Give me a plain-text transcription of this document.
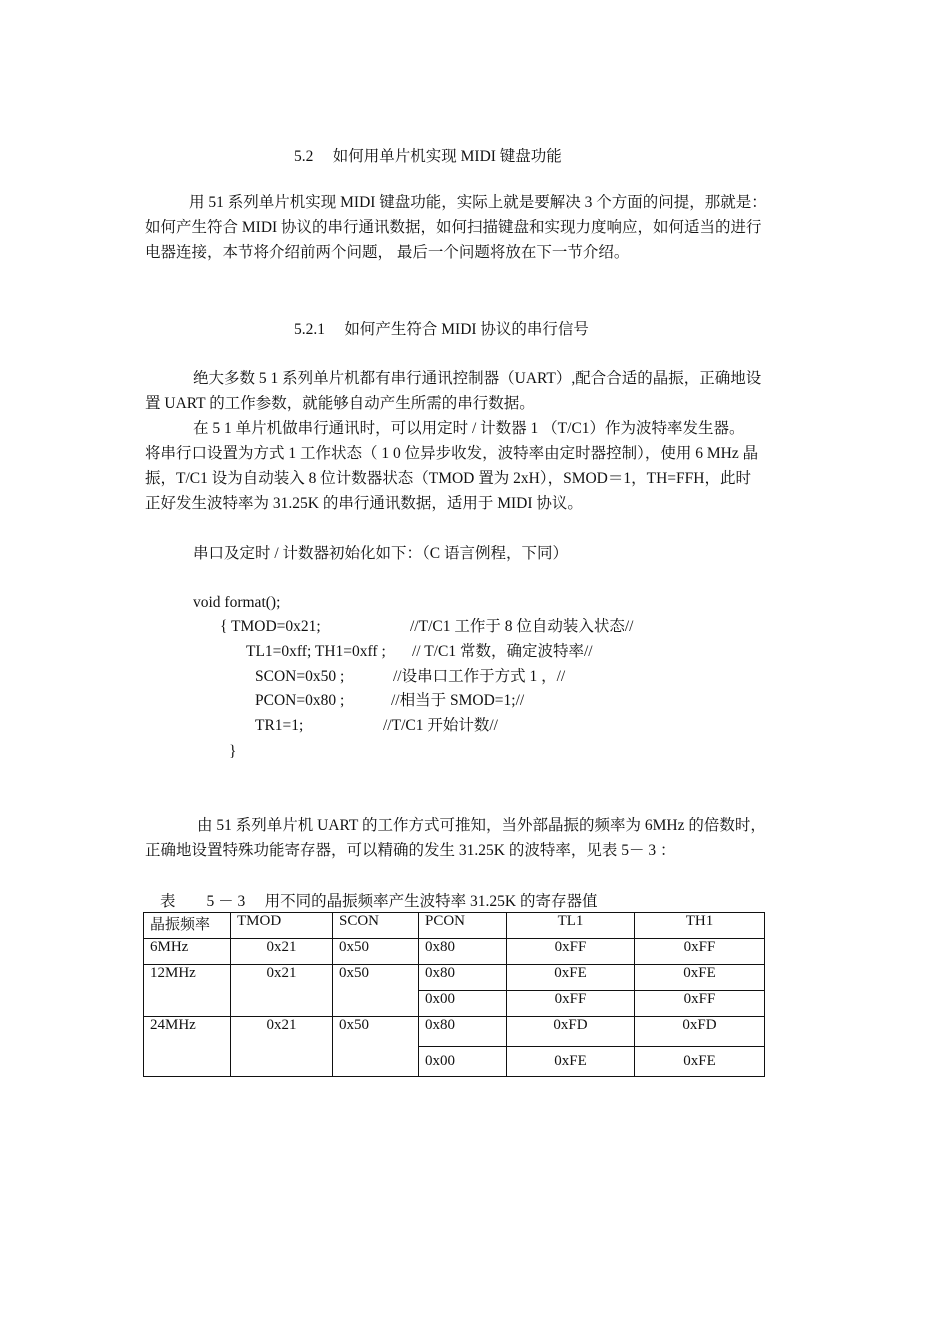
5.2 如何用单片机实现 MIDI 键盘功能

用 51 系列单片机实现 MIDI 键盘功能，实际上就是要解决 3 个方面的问提，那就是：

如何产生符合 MIDI 协议的串行通讯数据，如何扫描键盘和实现力度响应，如何适当的进行

电器连接，本节将介绍前两个问题， 最后一个问题将放在下一节介绍。

5.2.1 如何产生符合 MIDI 协议的串行信号

绝大多数 5 1 系列单片机都有串行通讯控制器（UART）,配合合适的晶振，正确地设

置 UART 的工作参数，就能够自动产生所需的串行数据。

在 5 1 单片机做串行通讯时，可以用定时 / 计数器 1 （T/C1）作为波特率发生器。

将串行口设置为方式 1 工作状态（ 1 0 位异步收发，波特率由定时器控制），使用 6 MHz 晶

振，T/C1 设为自动装入 8 位计数器状态（TMOD 置为 2xH），SMOD＝1，TH=FFH，此时

正好发生波特率为 31.25K 的串行通讯数据，适用于 MIDI 协议。

串口及定时 / 计数器初始化如下：（C 语言例程，下同）
void format();
{ TMOD=0x21;	//T/C1 工作于 8 位自动装入状态//
TL1=0xff; TH1=0xff ; // T/C1 常数，确定波特率//
SCON=0x50 ;	//设串口工作于方式 1 ，//
PCON=0x80 ;	//相当于 SMOD=1;//
TR1=1;	//T/C1 开始计数//
}

由 51 系列单片机 UART 的工作方式可推知，当外部晶振的频率为 6MHz 的倍数时，

正确地设置特殊功能寄存器，可以精确的发生 31.25K 的波特率，见表 5－ 3 ：

表        5 － 3     用不同的晶振频率产生波特率 31.25K 的寄存器值
晶振频率	TMOD	SCON	PCON	TL1	TH1
6MHz	0x21	0x50	0x80	0xFF	0xFF
12MHz	0x21	0x50	0x80	0xFE	0xFE
			0x00	0xFF	0xFF
24MHz	0x21	0x50	0x80	0xFD	0xFD
			0x00	0xFE	0xFE
